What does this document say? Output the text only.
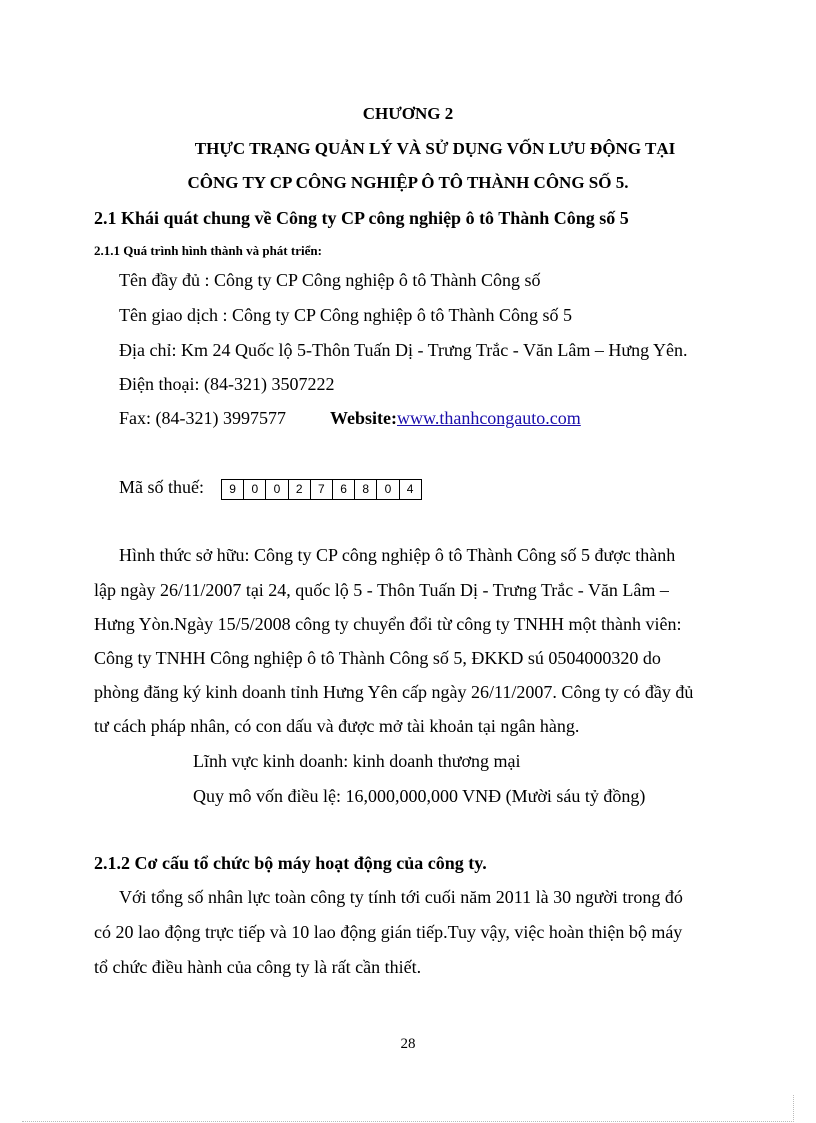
CHƯƠNG 2
THỰC TRẠNG QUẢN LÝ VÀ SỬ DỤNG VỐN LƯU ĐỘNG TẠI
CÔNG TY CP CÔNG NGHIỆP Ô TÔ THÀNH CÔNG SỐ 5.
2.1 Khái quát chung về Công ty CP công nghiệp ô tô Thành Công số 5
2.1.1 Quá trình hình thành và phát triển:
Tên đầy đủ : Công ty CP Công nghiệp ô tô Thành Công số
Tên giao dịch : Công ty CP Công nghiệp ô tô Thành Công số 5
Địa chỉ: Km 24 Quốc lộ 5-Thôn Tuấn Dị - Trưng Trắc - Văn Lâm – Hưng Yên.
Điện thoại: (84-321) 3507222
Fax: (84-321) 3997577 Website:www.thanhcongauto.com
Mã số thuế:	9	0	0	2	7	6	8	0	4
Hình thức sở hữu: Công ty CP công nghiệp ô tô Thành Công số 5 được thành
lập ngày 26/11/2007 tại 24, quốc lộ 5 - Thôn Tuấn Dị - Trưng Trắc - Văn Lâm –
Hưng Yòn.Ngày 15/5/2008 công ty chuyển đổi từ công ty TNHH một thành viên:
Công ty TNHH Công nghiệp ô tô Thành Công số 5, ĐKKD sú 0504000320 do
phòng đăng ký kinh doanh tỉnh Hưng Yên cấp ngày 26/11/2007. Công ty có đầy đủ
tư cách pháp nhân, có con dấu và được mở tài khoản tại ngân hàng.
Lĩnh vực kinh doanh: kinh doanh thương mại
Quy mô vốn điều lệ: 16,000,000,000 VNĐ (Mười sáu tỷ đồng)
2.1.2 Cơ cấu tổ chức bộ máy hoạt động của công ty.
Với tổng số nhân lực toàn công ty tính tới cuối năm 2011 là 30 người trong đó
có 20 lao động trực tiếp và 10 lao động gián tiếp.Tuy vậy, việc hoàn thiện bộ máy
tổ chức điều hành của công ty là rất cần thiết.
28
